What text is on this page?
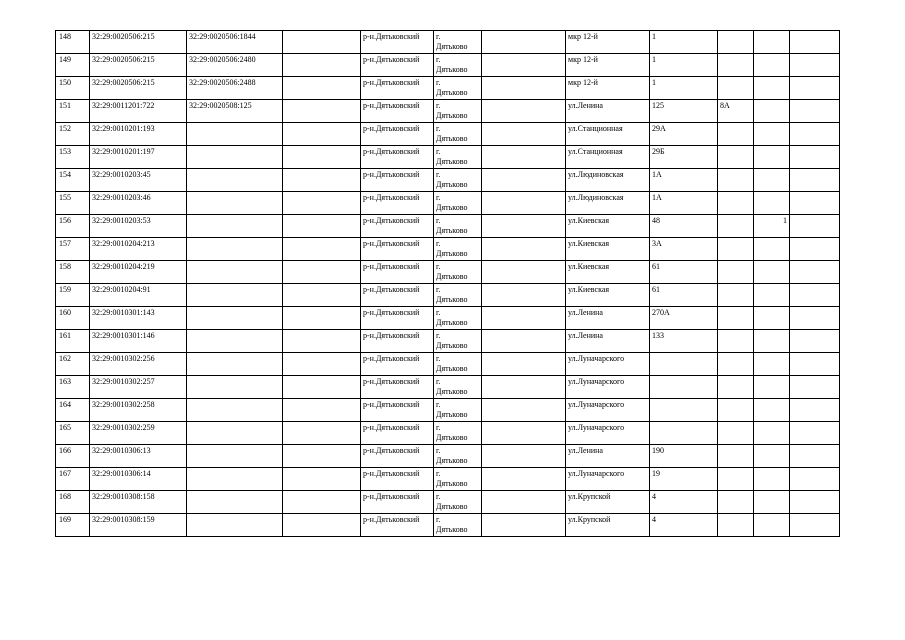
148	32:29:0020506:215	32:29:0020506:1844		р-н.Дятьковский	г.
Дятьково		мкр 12-й	1			
149	32:29:0020506:215	32:29:0020506:2480		р-н.Дятьковский	г.
Дятьково		мкр 12-й	1			
150	32:29:0020506:215	32:29:0020506:2488		р-н.Дятьковский	г.
Дятьково		мкр 12-й	1			
151	32:29:0011201:722	32:29:0020508:125		р-н.Дятьковский	г.
Дятьково		ул.Ленина	125	8А		
152	32:29:0010201:193			р-н.Дятьковский	г.
Дятьково		ул.Станционная	29А			
153	32:29:0010201:197			р-н.Дятьковский	г.
Дятьково		ул.Станционная	29Б			
154	32:29:0010203:45			р-н.Дятьковский	г.
Дятьково		ул.Людиновская	1А			
155	32:29:0010203:46			р-н.Дятьковский	г.
Дятьково		ул.Людиновская	1А			
156	32:29:0010203:53			р-н.Дятьковский	г.
Дятьково		ул.Киевская	48		1	
157	32:29:0010204:213			р-н.Дятьковский	г.
Дятьково		ул.Киевская	3А			
158	32:29:0010204:219			р-н.Дятьковский	г.
Дятьково		ул.Киевская	61			
159	32:29:0010204:91			р-н.Дятьковский	г.
Дятьково		ул.Киевская	61			
160	32:29:0010301:143			р-н.Дятьковский	г.
Дятьково		ул.Ленина	270А			
161	32:29:0010301:146			р-н.Дятьковский	г.
Дятьково		ул.Ленина	133			
162	32:29:0010302:256			р-н.Дятьковский	г.
Дятьково		ул.Луначарского				
163	32:29:0010302:257			р-н.Дятьковский	г.
Дятьково		ул.Луначарского				
164	32:29:0010302:258			р-н.Дятьковский	г.
Дятьково		ул.Луначарского				
165	32:29:0010302:259			р-н.Дятьковский	г.
Дятьково		ул.Луначарского				
166	32:29:0010306:13			р-н.Дятьковский	г.
Дятьково		ул.Ленина	190			
167	32:29:0010306:14			р-н.Дятьковский	г.
Дятьково		ул.Луначарского	19			
168	32:29:0010308:158			р-н.Дятьковский	г.
Дятьково		ул.Крупской	4			
169	32:29:0010308:159			р-н.Дятьковский	г.
Дятьково		ул.Крупской	4			
